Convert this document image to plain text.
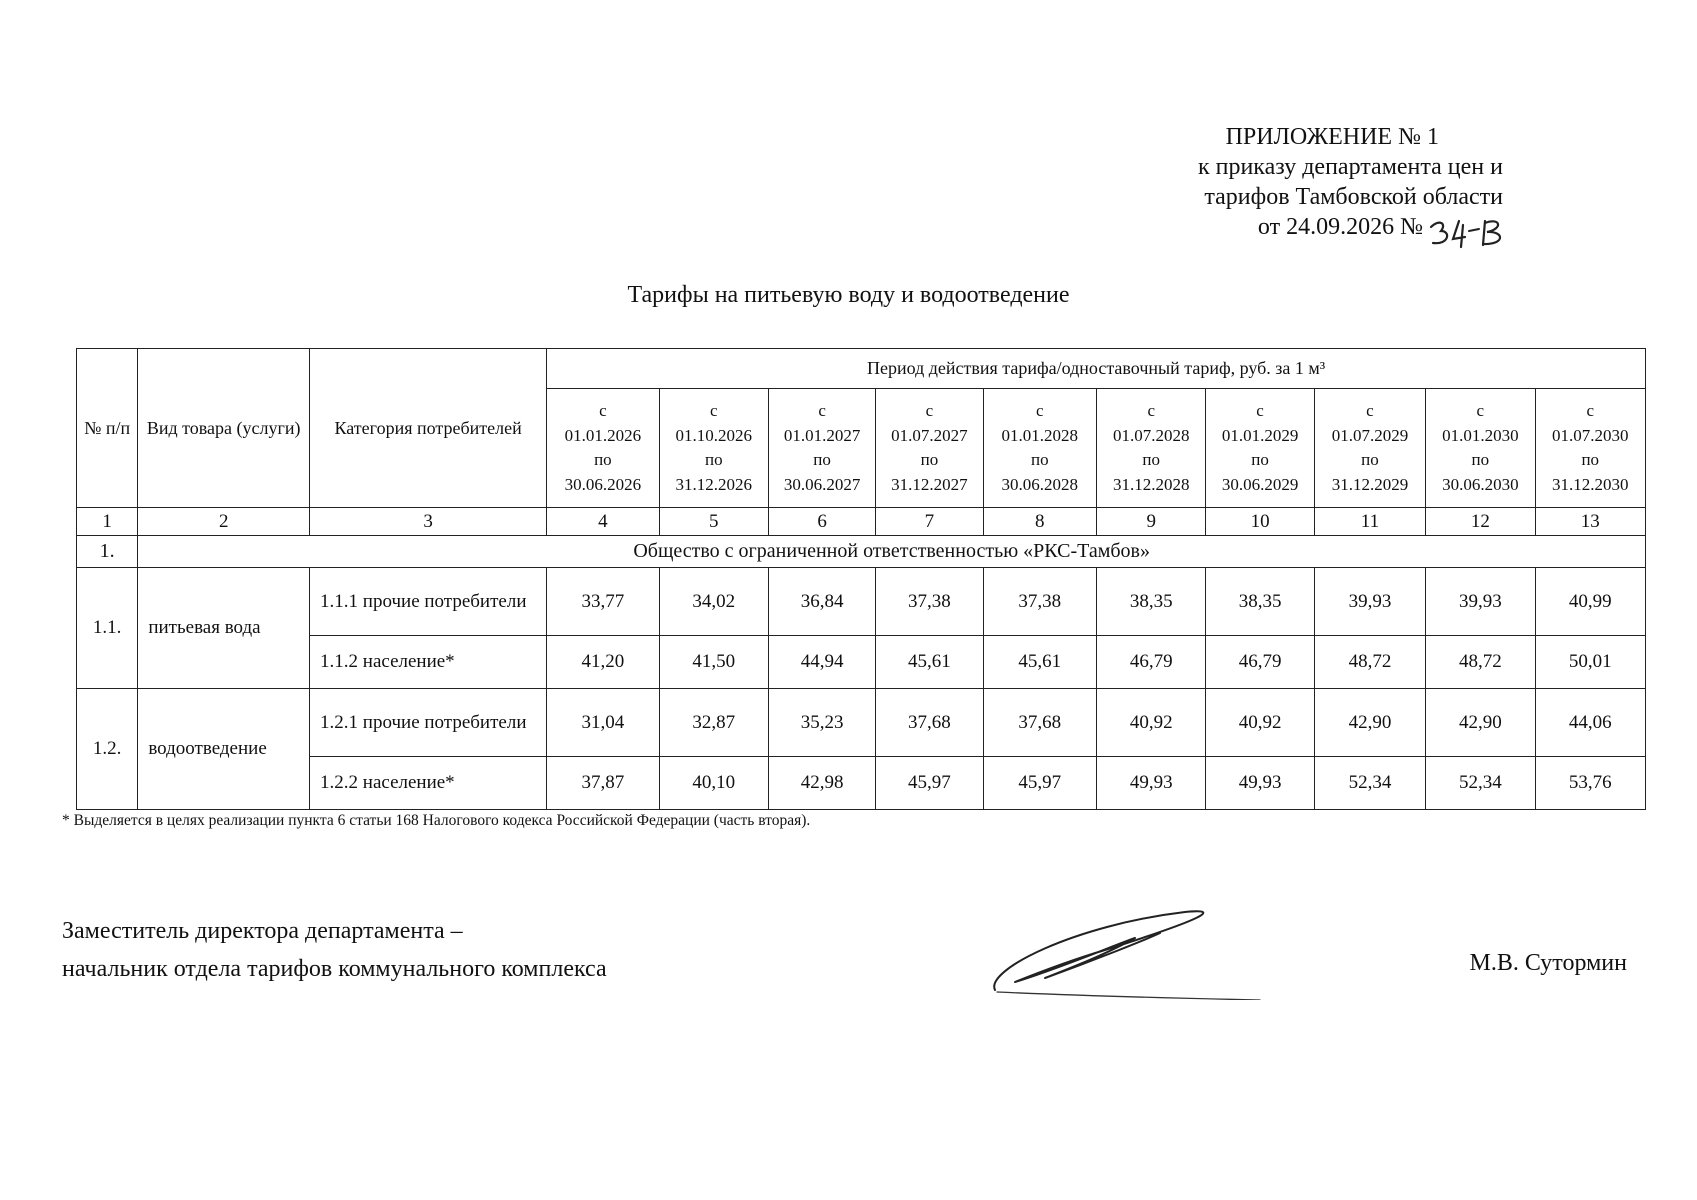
ПРИЛОЖЕНИЕ № 1
к приказу департамента цен и
тарифов Тамбовской области
от 24.09.2026 №
Тарифы на питьевую воду и водоотведение
№ п/п	Вид товара (услуги)	Категория потребителей	Период действия тарифа/одноставочный тариф, руб. за 1 м³									

			с
01.01.2026
по
30.06.2026	с
01.10.2026
по
31.12.2026	с
01.01.2027
по
30.06.2027	с
01.07.2027
по
31.12.2027	с
01.01.2028
по
30.06.2028	с
01.07.2028
по
31.12.2028	с
01.01.2029
по
30.06.2029	с
01.07.2029
по
31.12.2029	с
01.01.2030
по
30.06.2030	с
01.07.2030
по
31.12.2030

1	2	3	4	5	6	7	8	9	10	11	12	13
1.	Общество с ограниченной ответственностью «РКС-Тамбов»											
1.1.	питьевая вода	1.1.1 прочие потребители	33,77	34,02	36,84	37,38	37,38	38,35	38,35	39,93	39,93	40,99
		1.1.2 население*	41,20	41,50	44,94	45,61	45,61	46,79	46,79	48,72	48,72	50,01
1.2.	водоотведение	1.2.1 прочие потребители	31,04	32,87	35,23	37,68	37,68	40,92	40,92	42,90	42,90	44,06
		1.2.2 население*	37,87	40,10	42,98	45,97	45,97	49,93	49,93	52,34	52,34	53,76
* Выделяется в целях реализации пункта 6 статьи 168 Налогового кодекса Российской Федерации (часть вторая).
Заместитель директора департамента –
начальник отдела тарифов коммунального комплекса	М.В. Сутормин
